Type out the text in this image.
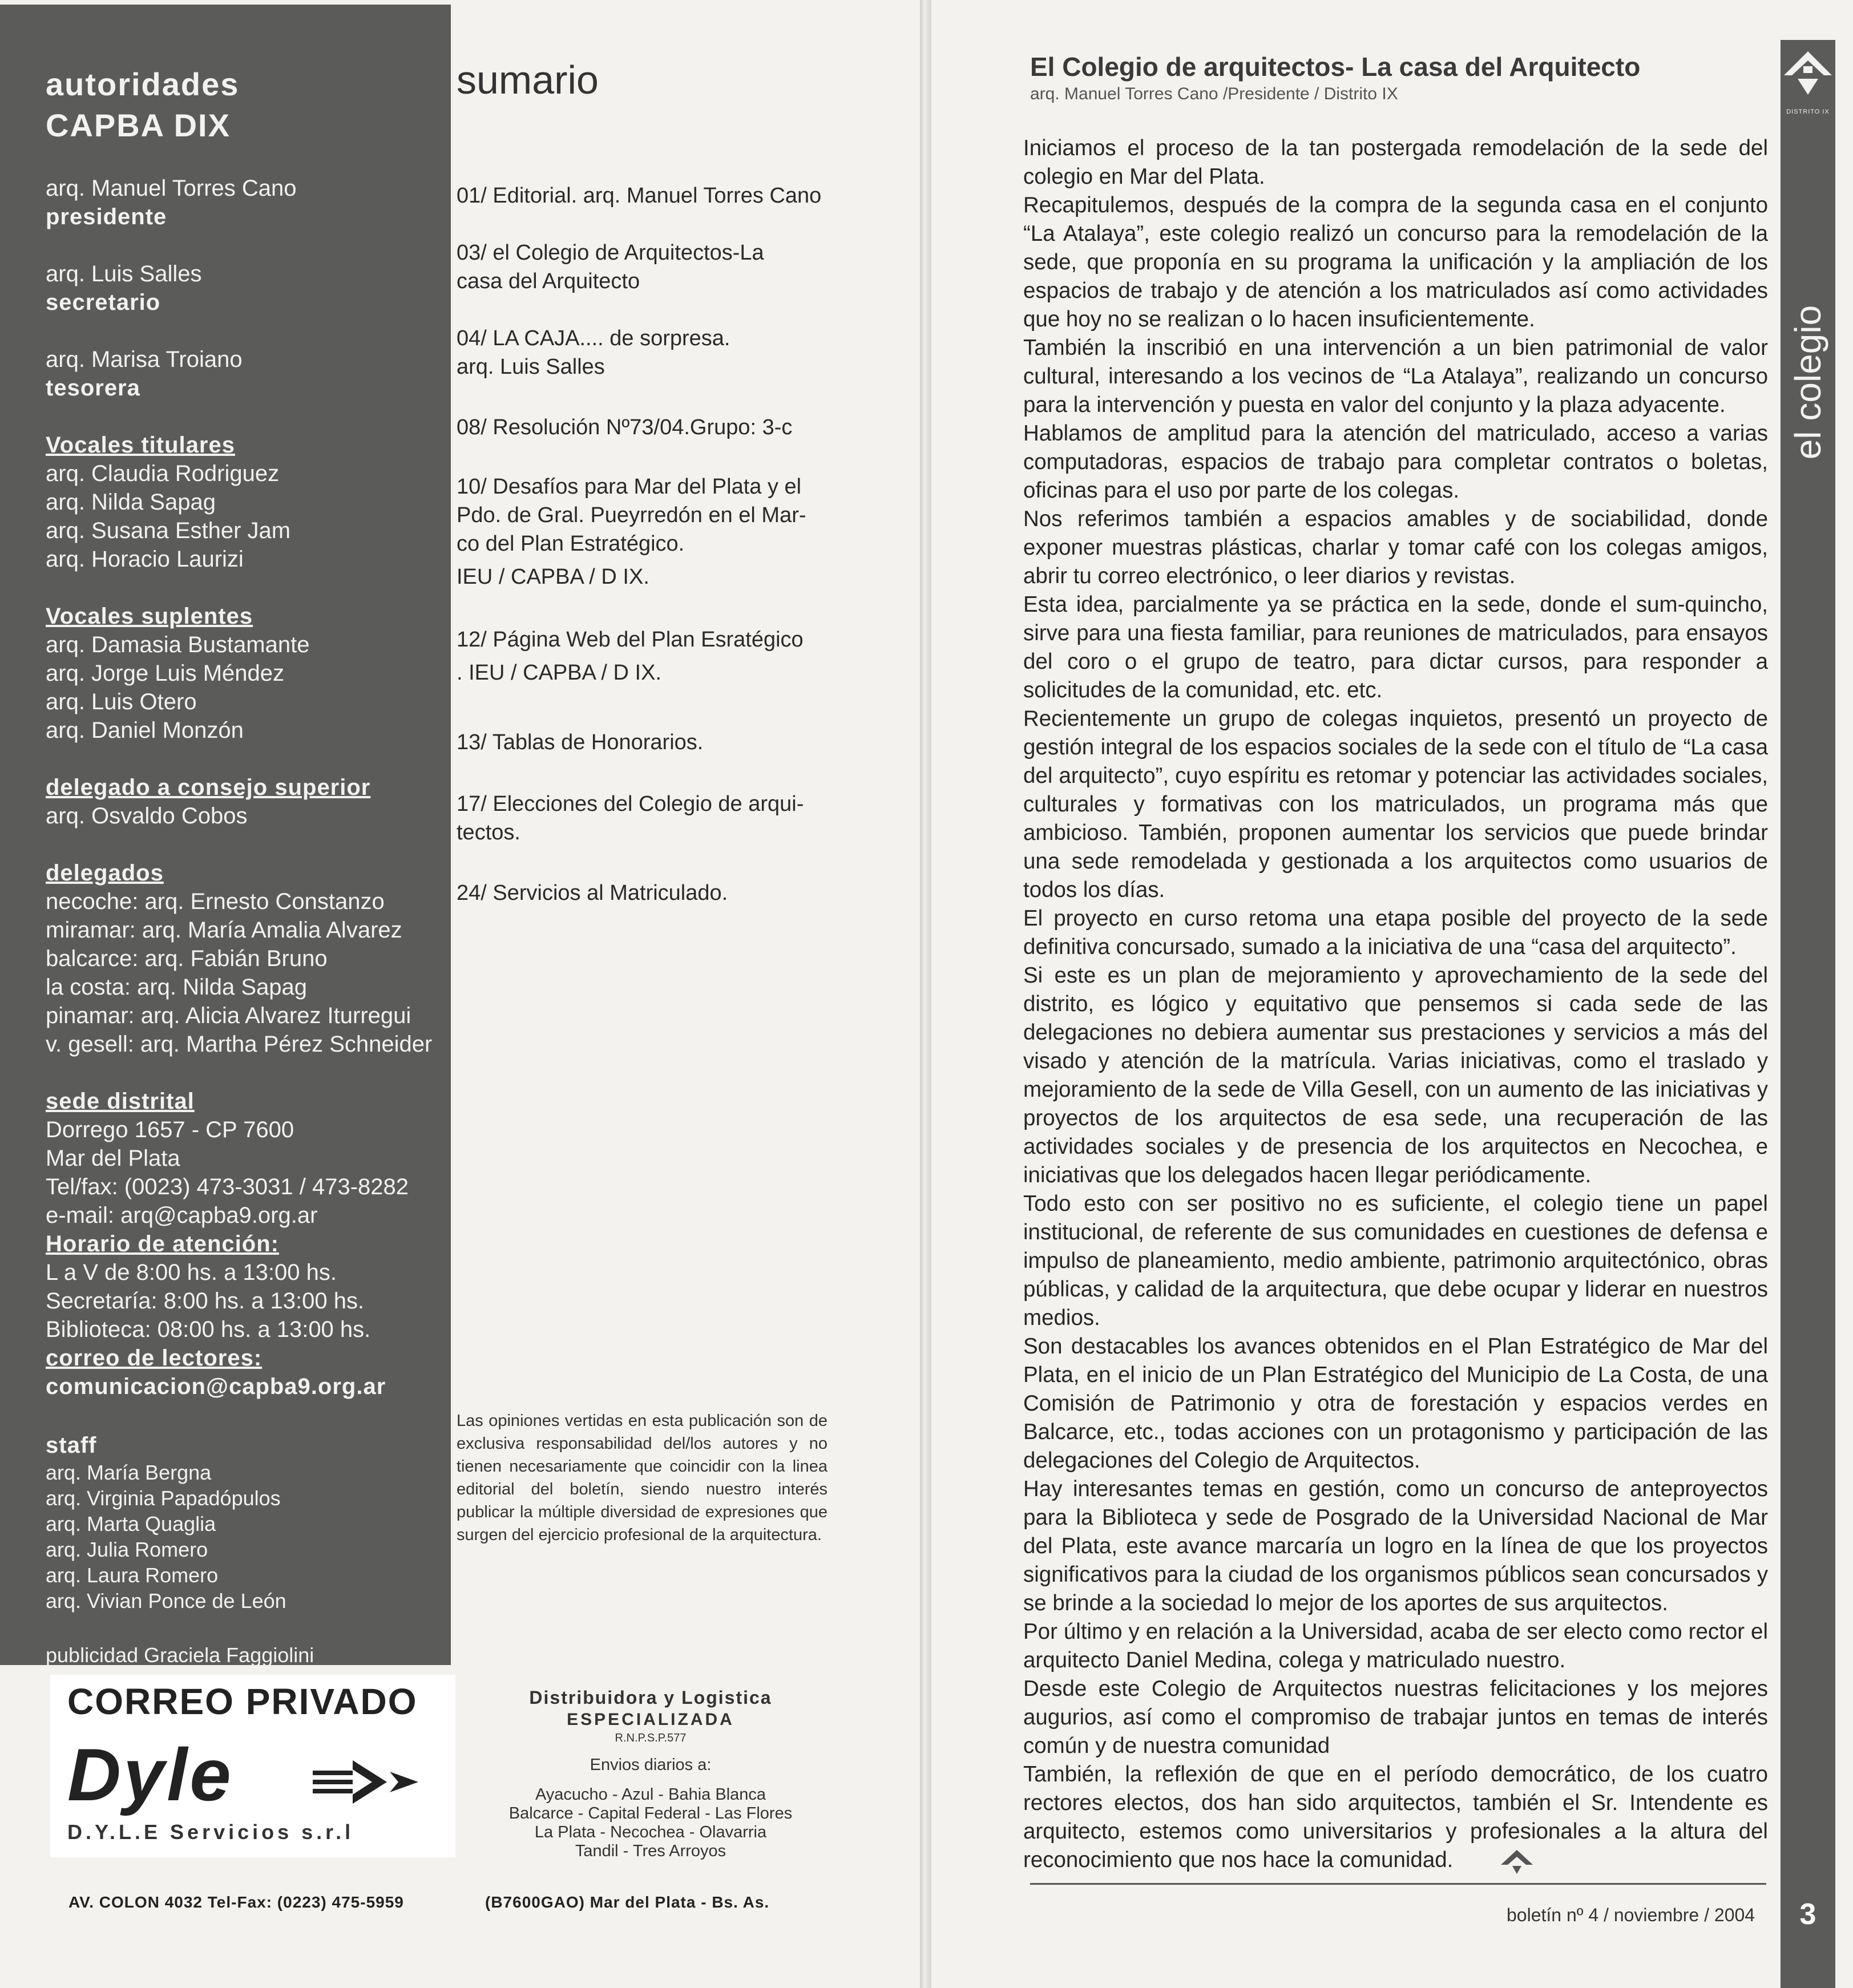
autoridades
CAPBA DIX
arq. Manuel Torres Cano
presidente
arq. Luis Salles
secretario
arq. Marisa Troiano
tesorera
Vocales titulares
arq. Claudia Rodriguez
arq. Nilda Sapag
arq. Susana Esther Jam
arq. Horacio Laurizi
Vocales suplentes
arq. Damasia Bustamante
arq. Jorge Luis Méndez
arq. Luis Otero
arq. Daniel Monzón
delegado a consejo superior
arq. Osvaldo Cobos
delegados
necoche: arq. Ernesto Constanzo
miramar: arq. María Amalia Alvarez
balcarce: arq. Fabián Bruno
la costa: arq. Nilda Sapag
pinamar: arq. Alicia Alvarez Iturregui
v. gesell: arq. Martha Pérez Schneider
sede distrital
Dorrego 1657 - CP 7600
Mar del Plata
Tel/fax: (0023) 473-3031 / 473-8282
e-mail: arq@capba9.org.ar
Horario de atención:
L a V de 8:00 hs. a 13:00 hs.
Secretaría: 8:00 hs. a 13:00 hs.
Biblioteca: 08:00 hs. a 13:00 hs.
correo de lectores:
comunicacion@capba9.org.ar
staff
arq. María Bergna
arq. Virginia Papadópulos
arq. Marta Quaglia
arq. Julia Romero
arq. Laura Romero
arq. Vivian Ponce de León
publicidad Graciela Faggiolini
sumario
01/ Editorial. arq. Manuel Torres Cano
03/ el Colegio de Arquitectos-La
casa del Arquitecto
04/ LA CAJA.... de sorpresa.
arq. Luis Salles
08/ Resolución Nº73/04.Grupo: 3-c
10/ Desafíos para Mar del Plata y el
Pdo. de Gral. Pueyrredón en el Mar-
co del Plan Estratégico.
IEU / CAPBA / D IX.
12/ Página Web del Plan Esratégico
. IEU / CAPBA / D IX.
13/ Tablas de Honorarios.
17/ Elecciones del Colegio de arqui-
tectos.
24/ Servicios al Matriculado.
Las opiniones vertidas en esta publicación son de exclusiva responsabilidad del/los autores y no tienen necesariamente que coincidir con la linea editorial del boletín, siendo nuestro interés publicar la múltiple diversidad de expresiones que surgen del ejercicio profesional de la arquitectura.
CORREO PRIVADO
Dyle
D.Y.L.E Servicios s.r.l
AV. COLON 4032 Tel-Fax: (0223) 475-5959
Distribuidora y Logistica
ESPECIALIZADA
R.N.P.S.P.577
Envios diarios a:
Ayacucho - Azul - Bahia Blanca
Balcarce - Capital Federal - Las Flores
La Plata - Necochea - Olavarria
Tandil - Tres Arroyos
(B7600GAO) Mar del Plata - Bs. As.
El Colegio de arquitectos- La casa del Arquitecto
arq. Manuel Torres Cano /Presidente / Distrito IX

Iniciamos el proceso de la tan postergada remodelación de la sede del colegio en Mar del Plata.

Recapitulemos, después de la compra de la segunda casa en el conjunto “La Atalaya”, este colegio realizó un concurso para la remodelación de la sede, que proponía en su programa la unificación y la ampliación de los espacios de trabajo y de atención a los matriculados así como actividades que hoy no se realizan o lo hacen insuficientemente.

También la inscribió en una intervención a un bien patrimonial de valor cultural, interesando a los vecinos de “La Atalaya”, realizando un concurso para la intervención y puesta en valor del conjunto y la plaza adyacente.

Hablamos de amplitud para la atención del matriculado, acceso a varias computadoras, espacios de trabajo para completar contratos o boletas, oficinas para el uso por parte de los colegas.

Nos referimos también a espacios amables y de sociabilidad, donde exponer muestras plásticas, charlar y tomar café con los colegas amigos, abrir tu correo electrónico, o leer diarios y revistas.

Esta idea, parcialmente ya se práctica en la sede, donde el sum-quincho, sirve para una fiesta familiar, para reuniones de matriculados, para ensayos del coro o el grupo de teatro, para dictar cursos, para responder a solicitudes de la comunidad, etc. etc.

Recientemente un grupo de colegas inquietos, presentó un proyecto de gestión integral de los espacios sociales de la sede con el título de “La casa del arquitecto”, cuyo espíritu es retomar y potenciar las actividades sociales, culturales y formativas con los matriculados, un programa más que ambicioso. También, proponen aumentar los servicios que puede brindar una sede remodelada y gestionada a los arquitectos como usuarios de todos los días.

El proyecto en curso retoma una etapa posible del proyecto de la sede definitiva concursado, sumado a la iniciativa de una “casa del arquitecto”.

Si este es un plan de mejoramiento y aprovechamiento de la sede del distrito, es lógico y equitativo que pensemos si cada sede de las delegaciones no debiera aumentar sus prestaciones y servicios a más del visado y atención de la matrícula. Varias iniciativas, como el traslado y mejoramiento de la sede de Villa Gesell, con un aumento de las iniciativas y proyectos de los arquitectos de esa sede, una recuperación de las actividades sociales y de presencia de los arquitectos en Necochea, e iniciativas que los delegados hacen llegar periódicamente.

Todo esto con ser positivo no es suficiente, el colegio tiene un papel institucional, de referente de sus comunidades en cuestiones de defensa e impulso de planeamiento, medio ambiente, patrimonio arquitectónico, obras públicas, y calidad de la arquitectura, que debe ocupar y liderar en nuestros medios.

Son destacables los avances obtenidos en el Plan Estratégico de Mar del Plata, en el inicio de un Plan Estratégico del Municipio de La Costa, de una Comisión de Patrimonio y otra de forestación y espacios verdes en Balcarce, etc., todas acciones con un protagonismo y participación de las delegaciones del Colegio de Arquitectos.

Hay interesantes temas en gestión, como un concurso de anteproyectos para la Biblioteca y sede de Posgrado de la Universidad Nacional de Mar del Plata, este avance marcaría un logro en la línea de que los proyectos significativos para la ciudad de los organismos públicos sean concursados y se brinde a la sociedad lo mejor de los aportes de sus arquitectos.

Por último y en relación a la Universidad, acaba de ser electo como rector el arquitecto Daniel Medina, colega y matriculado nuestro.

Desde este Colegio de Arquitectos nuestras felicitaciones y los mejores augurios, así como el compromiso de trabajar juntos en temas de interés común y de nuestra comunidad

También, la reflexión de que en el período democrático, de los cuatro rectores electos, dos han sido arquitectos, también el Sr. Intendente es arquitecto, estemos como universitarios y profesionales a la altura del reconocimiento que nos hace la comunidad.

boletín nº 4 / noviembre / 2004
DISTRITO IX
el colegio
3
